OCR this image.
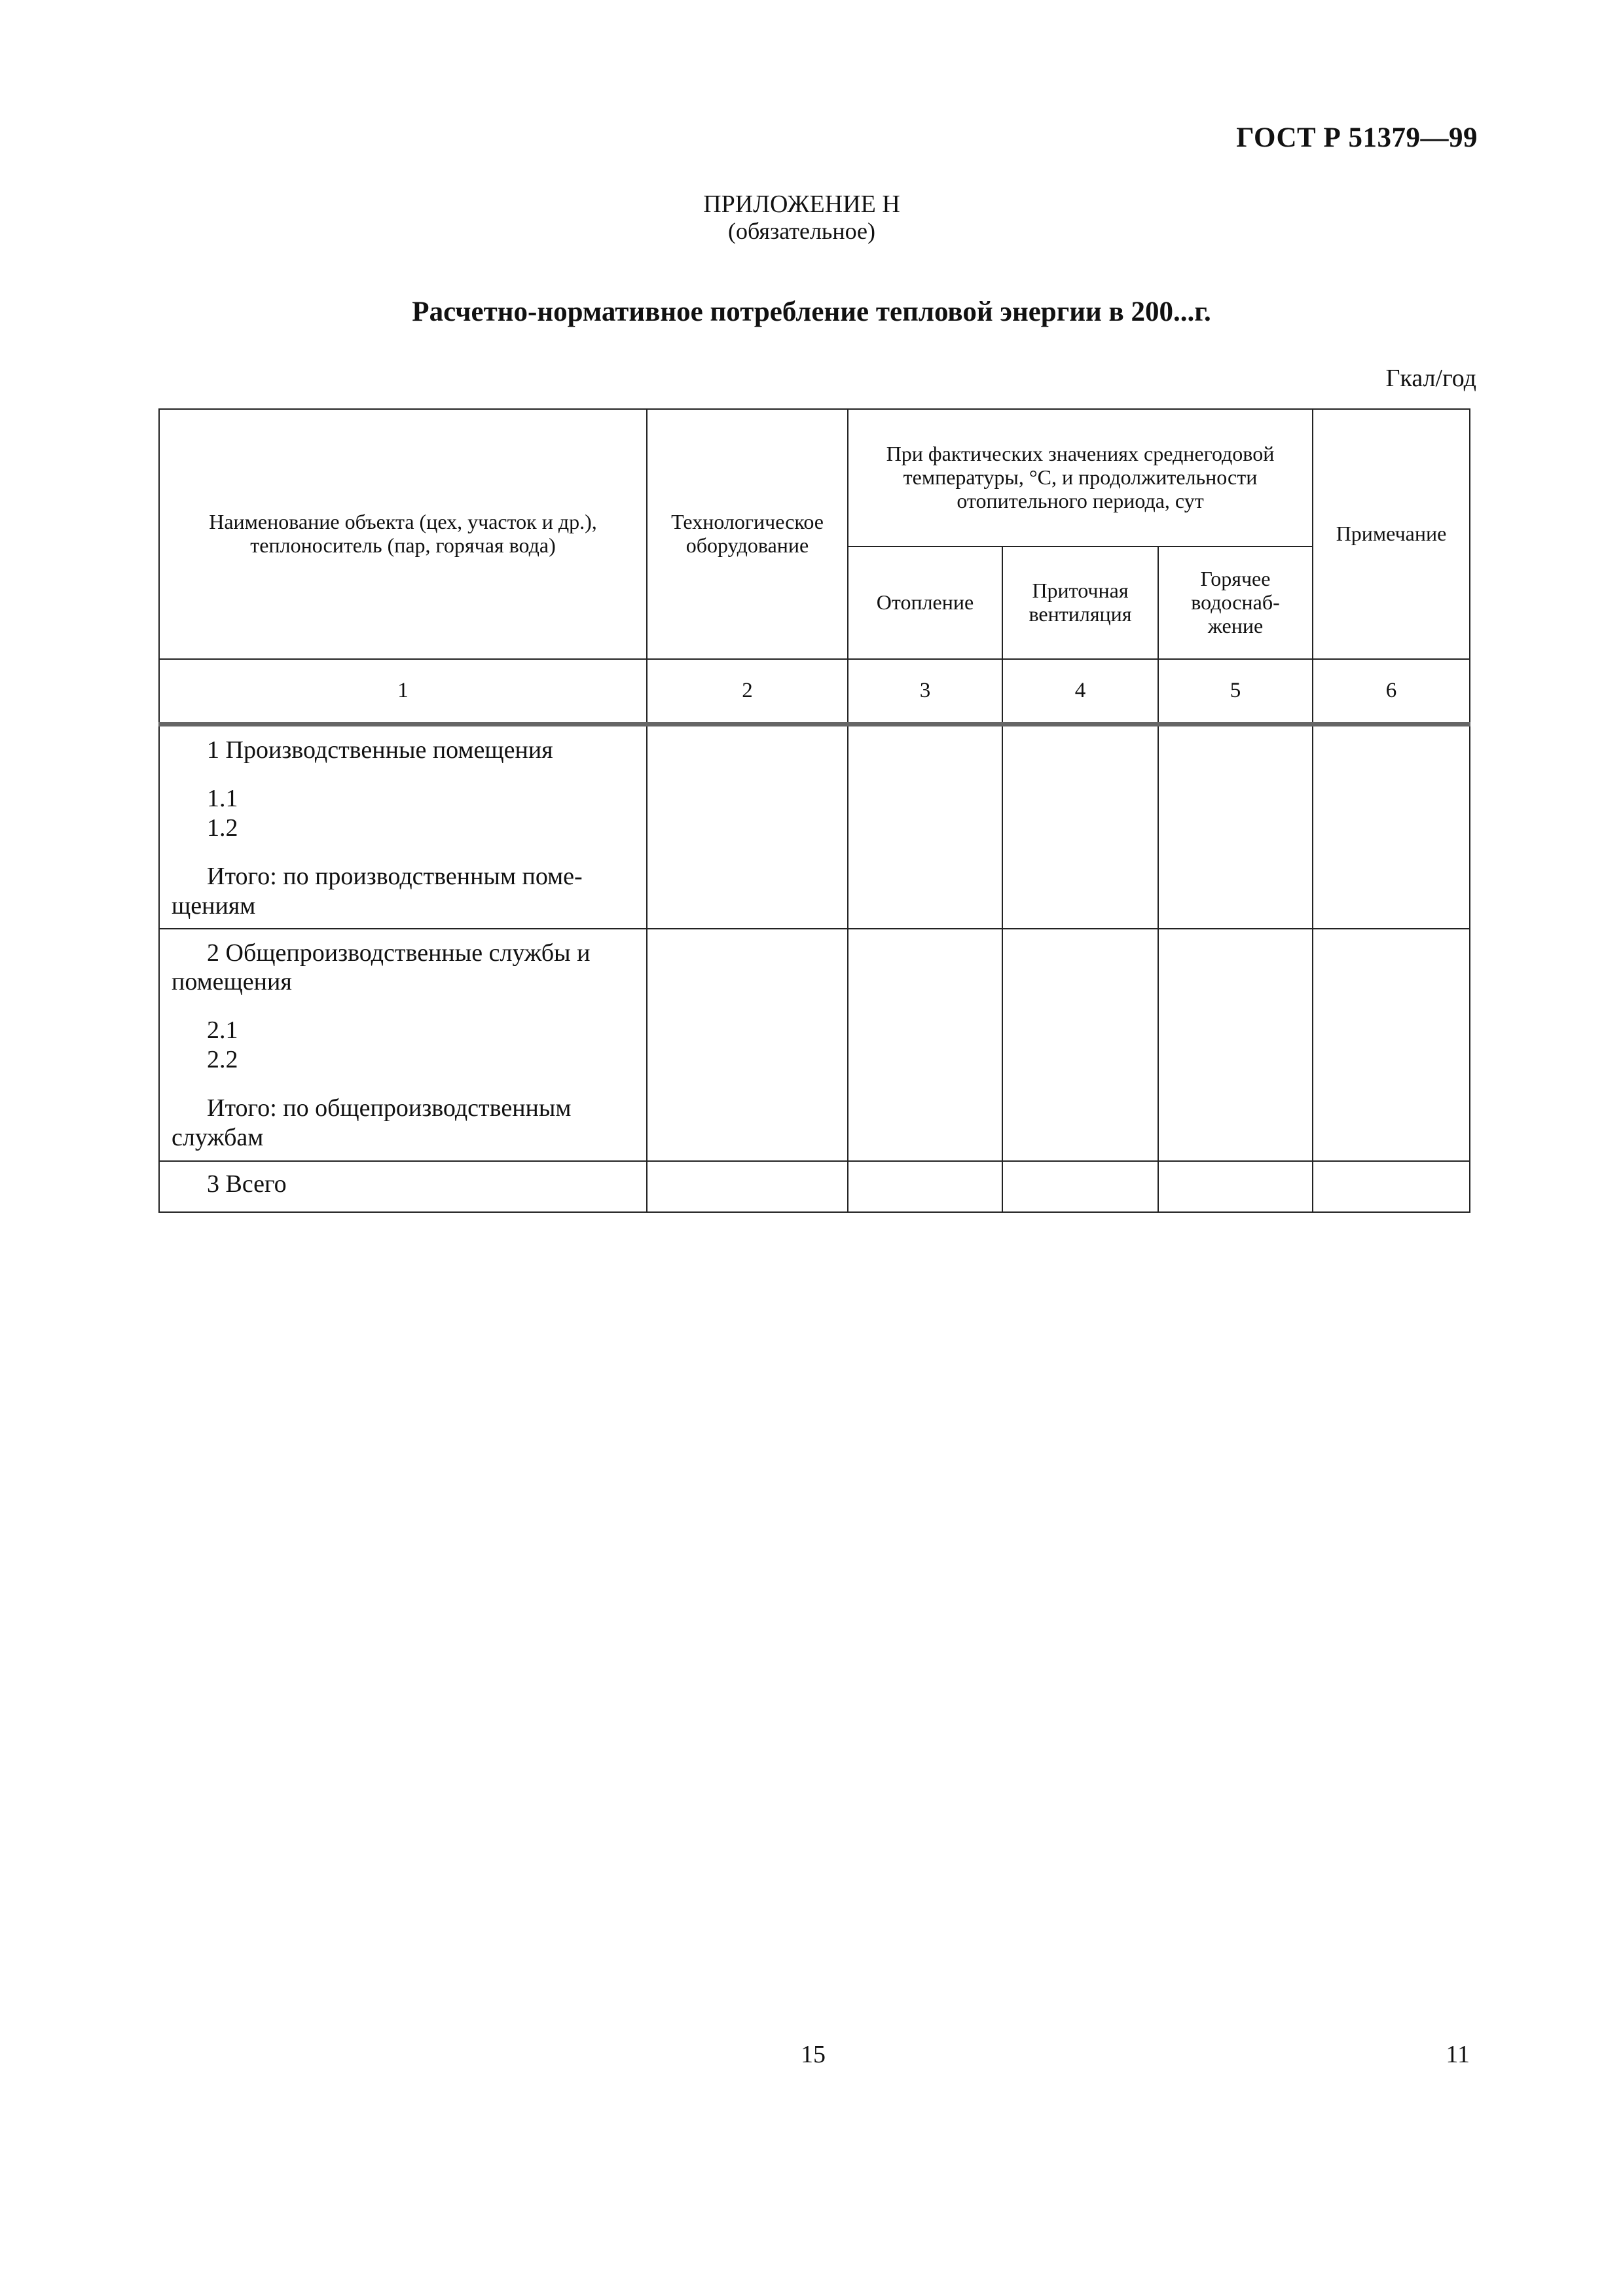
ГОСТ Р 51379—99
ПРИЛОЖЕНИЕ Н
(обязательное)
Расчетно-нормативное потребление тепловой энергии в 200...г.
Гкал/год
Наименование объекта (цех, участок и др.), теплоноситель (пар, горячая вода)	Технологическое оборудование	При фактических значениях среднегодовой температуры, °С, и продолжительности отопительного периода, сут			Примечание
		Отопление	Приточная вентиляция	Горячее водоснаб-жение	
1	2	3	4	5	6

1 Производственные помещения
1.1
1.2
Итого: по производственным поме-щениям					

2 Общепроизводственные службы и помещения
2.1
2.2
Итого: по общепроизводственным службам					

3 Всего					

15	11
